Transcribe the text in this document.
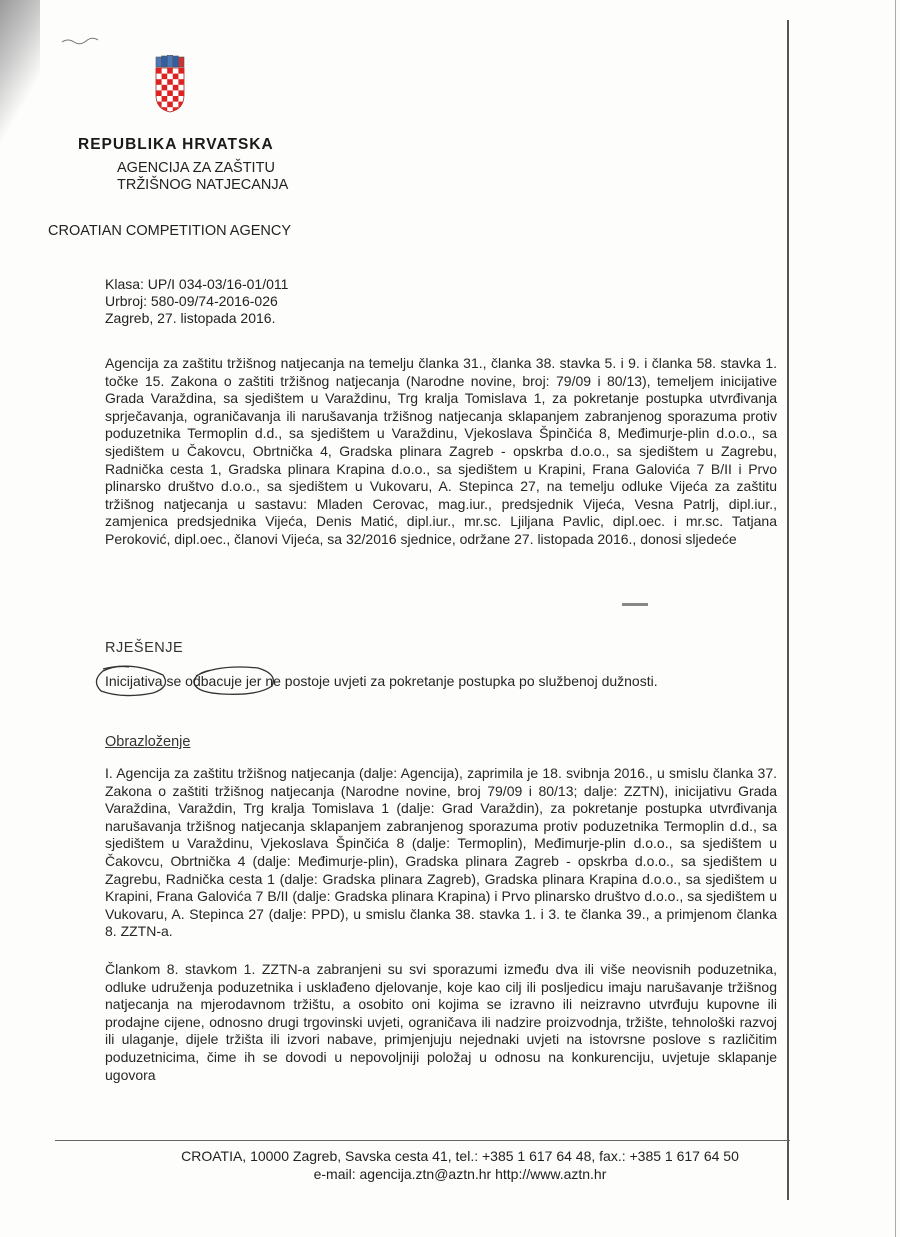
REPUBLIKA HRVATSKA
AGENCIJA ZA ZAŠTITU
TRŽIŠNOG NATJECANJA
CROATIAN COMPETITION AGENCY
Klasa: UP/I 034-03/16-01/011
Urbroj: 580-09/74-2016-026
Zagreb, 27. listopada 2016.
Agencija za zaštitu tržišnog natjecanja na temelju članka 31., članka 38. stavka 5. i 9. i članka 58. stavka 1. točke 15. Zakona o zaštiti tržišnog natjecanja (Narodne novine, broj: 79/09 i 80/13), temeljem inicijative Grada Varaždina, sa sjedištem u Varaždinu, Trg kralja Tomislava 1, za pokretanje postupka utvrđivanja sprječavanja, ograničavanja ili narušavanja tržišnog natjecanja sklapanjem zabranjenog sporazuma protiv poduzetnika Termoplin d.d., sa sjedištem u Varaždinu, Vjekoslava Špinčića 8, Međimurje-plin d.o.o., sa sjedištem u Čakovcu, Obrtnička 4, Gradska plinara Zagreb - opskrba d.o.o., sa sjedištem u Zagrebu, Radnička cesta 1, Gradska plinara Krapina d.o.o., sa sjedištem u Krapini, Frana Galovića 7 B/II i Prvo plinarsko društvo d.o.o., sa sjedištem u Vukovaru, A. Stepinca 27, na temelju odluke Vijeća za zaštitu tržišnog natjecanja u sastavu: Mladen Cerovac, mag.iur., predsjednik Vijeća, Vesna Patrlj, dipl.iur., zamjenica predsjednika Vijeća, Denis Matić, dipl.iur., mr.sc. Ljiljana Pavlic, dipl.oec. i mr.sc. Tatjana Peroković, dipl.oec., članovi Vijeća, sa 32/2016 sjednice, održane 27. listopada 2016., donosi sljedeće
RJEŠENJE
Inicijativa se odbacuje jer ne postoje uvjeti za pokretanje postupka po službenoj dužnosti.
Obrazloženje
I. Agencija za zaštitu tržišnog natjecanja (dalje: Agencija), zaprimila je 18. svibnja 2016., u smislu članka 37. Zakona o zaštiti tržišnog natjecanja (Narodne novine, broj 79/09 i 80/13; dalje: ZZTN), inicijativu Grada Varaždina, Varaždin, Trg kralja Tomislava 1 (dalje: Grad Varaždin), za pokretanje postupka utvrđivanja narušavanja tržišnog natjecanja sklapanjem zabranjenog sporazuma protiv poduzetnika Termoplin d.d., sa sjedištem u Varaždinu, Vjekoslava Špinčića 8 (dalje: Termoplin), Međimurje-plin d.o.o., sa sjedištem u Čakovcu, Obrtnička 4 (dalje: Međimurje-plin), Gradska plinara Zagreb - opskrba d.o.o., sa sjedištem u Zagrebu, Radnička cesta 1 (dalje: Gradska plinara Zagreb), Gradska plinara Krapina d.o.o., sa sjedištem u Krapini, Frana Galovića 7 B/II (dalje: Gradska plinara Krapina) i Prvo plinarsko društvo d.o.o., sa sjedištem u Vukovaru, A. Stepinca 27 (dalje: PPD), u smislu članka 38. stavka 1. i 3. te članka 39., a primjenom članka 8. ZZTN-a.
Člankom 8. stavkom 1. ZZTN-a zabranjeni su svi sporazumi između dva ili više neovisnih poduzetnika, odluke udruženja poduzetnika i usklađeno djelovanje, koje kao cilj ili posljedicu imaju narušavanje tržišnog natjecanja na mjerodavnom tržištu, a osobito oni kojima se izravno ili neizravno utvrđuju kupovne ili prodajne cijene, odnosno drugi trgovinski uvjeti, ograničava ili nadzire proizvodnja, tržište, tehnološki razvoj ili ulaganje, dijele tržišta ili izvori nabave, primjenjuju nejednaki uvjeti na istovrsne poslove s različitim poduzetnicima, čime ih se dovodi u nepovoljniji položaj u odnosu na konkurenciju, uvjetuje sklapanje ugovora
CROATIA, 10000 Zagreb, Savska cesta 41, tel.: +385 1 617 64 48, fax.: +385 1 617 64 50
e-mail: agencija.ztn@aztn.hr http://www.aztn.hr
